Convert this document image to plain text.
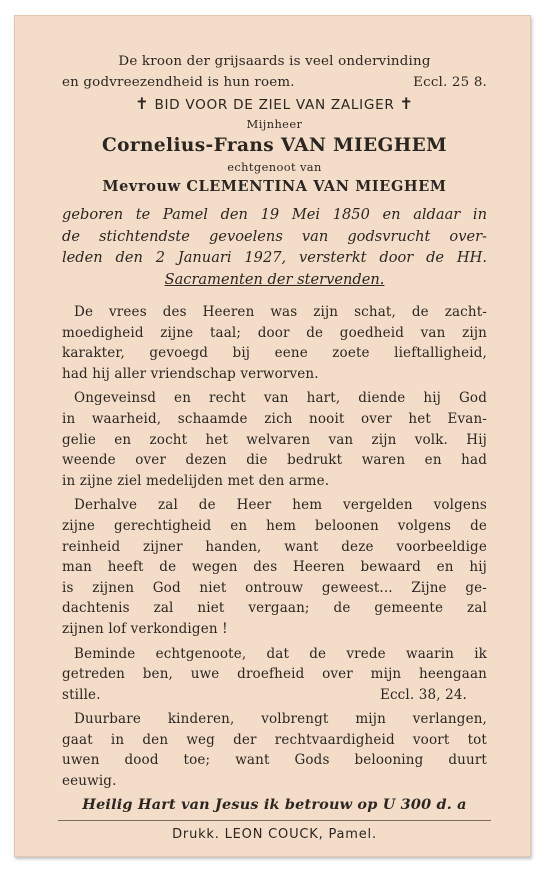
De kroon der grijsaards is veel ondervinding
en godvreezendheid is hun roem.	Eccl. 25 8.
✝ BID VOOR DE ZIEL VAN ZALIGER ✝
Mijnheer
Cornelius-Frans VAN MIEGHEM
echtgenoot van
Mevrouw CLEMENTINA VAN MIEGHEM
geboren te Pamel den 19 Mei 1850 en aldaar in
de stichtendste gevoelens van godsvrucht over-
leden den 2 Januari 1927, versterkt door de HH.
Sacramenten der stervenden.
De vrees des Heeren was zijn schat, de zacht-
moedigheid zijne taal; door de goedheid van zijn
karakter, gevoegd bij eene zoete lieftalligheid,
had hij aller vriendschap verworven.
Ongeveinsd en recht van hart, diende hij God
in waarheid, schaamde zich nooit over het Evan-
gelie en zocht het welvaren van zijn volk. Hij
weende over dezen die bedrukt waren en had
in zijne ziel medelijden met den arme.
Derhalve zal de Heer hem vergelden volgens
zijne gerechtigheid en hem beloonen volgens de
reinheid zijner handen, want deze voorbeeldige
man heeft de wegen des Heeren bewaard en hij
is zijnen God niet ontrouw geweest... Zijne ge-
dachtenis zal niet vergaan; de gemeente zal
zijnen lof verkondigen !
Beminde echtgenoote, dat de vrede waarin ik
getreden ben, uwe droefheid over mijn heengaan
stille.	Eccl. 38, 24.
Duurbare kinderen, volbrengt mijn verlangen,
gaat in den weg der rechtvaardigheid voort tot
uwen dood toe; want Gods belooning duurt
eeuwig.
Heilig Hart van Jesus ik betrouw op U 300 d. a
Drukk. LEON COUCK, Pamel.
